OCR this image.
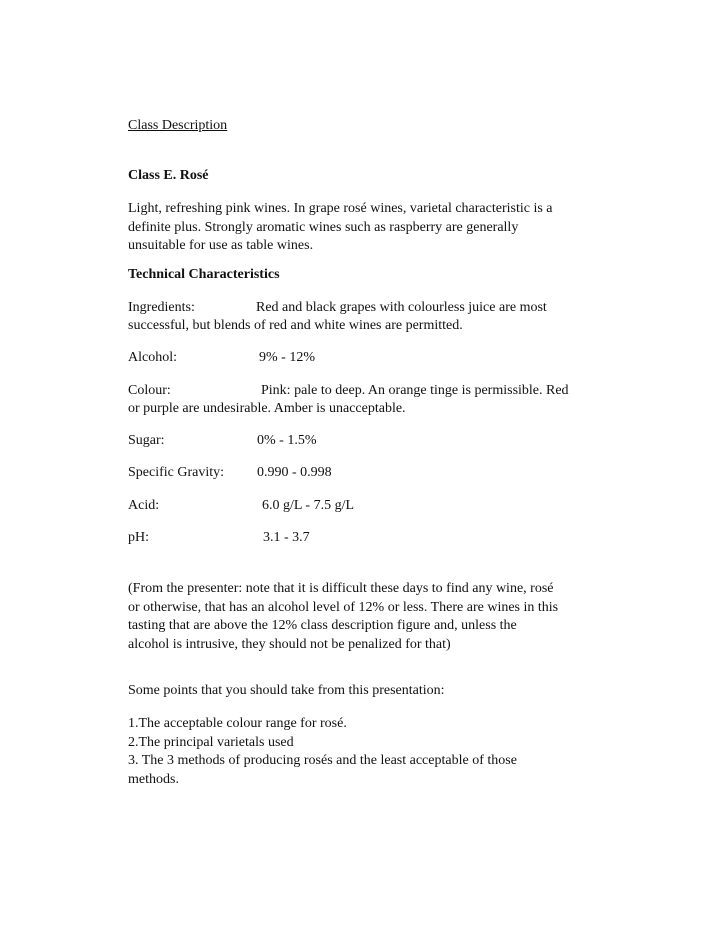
Class Description
Class E. Rosé
Light, refreshing pink wines. In grape rosé wines, varietal characteristic is a
definite plus. Strongly aromatic wines such as raspberry are generally
unsuitable for use as table wines.
Technical Characteristics
Ingredients:	Red and black grapes with colourless juice are most
successful, but blends of red and white wines are permitted.
Alcohol:	9% - 12%
Colour:	Pink: pale to deep. An orange tinge is permissible. Red
or purple are undesirable. Amber is unacceptable.
Sugar:	0% - 1.5%
Specific Gravity: 0.990 - 0.998
Acid:	6.0 g/L - 7.5 g/L
pH:	3.1 - 3.7
(From the presenter: note that it is difficult these days to find any wine, rosé
or otherwise, that has an alcohol level of 12% or less. There are wines in this
tasting that are above the 12% class description figure and, unless the
alcohol is intrusive, they should not be penalized for that)
Some points that you should take from this presentation:
1.The acceptable colour range for rosé.
2.The principal varietals used
3. The 3 methods of producing rosés and the least acceptable of those
methods.
